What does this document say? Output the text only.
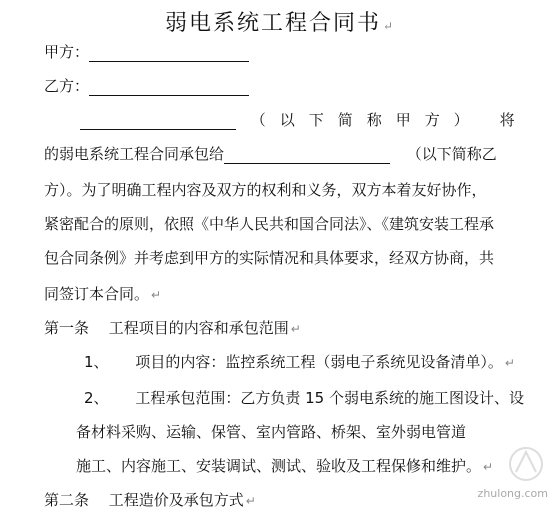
弱电系统工程合同书 ↵
甲方：
乙方：
（以下简称甲方） 将
的弱电系统工程合同承包给	（以下简称乙
方）。为了明确工程内容及双方的权利和义务，双方本着友好协作，
紧密配合的原则，依照《中华人民共和国合同法》、《建筑安装工程承
包合同条例》并考虑到甲方的实际情况和具体要求，经双方协商，共
同签订本合同。 ↵
第一条　 工程项目的内容和承包范围 ↵
1、 项目的内容：监控系统工程（弱电子系统见设备清单）。 ↵
2、 工程承包范围：乙方负责 15 个弱电系统的施工图设计、设
备材料采购、运输、保管、室内管路、桥架、室外弱电管道
施工、内容施工、安装调试、测试、验收及工程保修和维护。 ↵
第二条　 工程造价及承包方式 ↵
zhulong.com
